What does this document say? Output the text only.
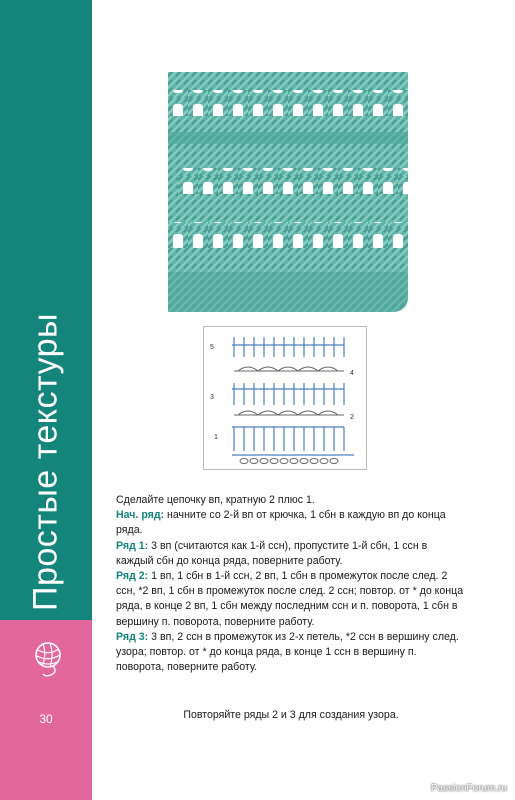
Простые текстуры
30
5
4
3
2
1

Сделайте цепочку вп, кратную 2 плюс 1.

Нач. ряд: начните со 2-й вп от крючка, 1 сбн в каждую вп до конца ряда.

Ряд 1: 3 вп (считаются как 1-й ссн), пропустите 1-й сбн, 1 ссн в каждый сбн до конца ряда, поверните работу.

Ряд 2: 1 вп, 1 сбн в 1-й ссн, 2 вп, 1 сбн в промежуток после след. 2 ссн, *2 вп, 1 сбн в промежуток после след. 2 ссн; повтор. от * до конца ряда, в конце 2 вп, 1 сбн между последним ссн и п. поворота, 1 сбн в вершину п. поворота, поверните работу.

Ряд 3: 3 вп, 2 ссн в промежуток из 2-х петель, *2 ссн в вершину след. узора; повтор. от * до конца ряда, в конце 1 ссн в вершину п. поворота, поверните работу.

Повторяйте ряды 2 и 3 для создания узора.
PassionForum.ru
